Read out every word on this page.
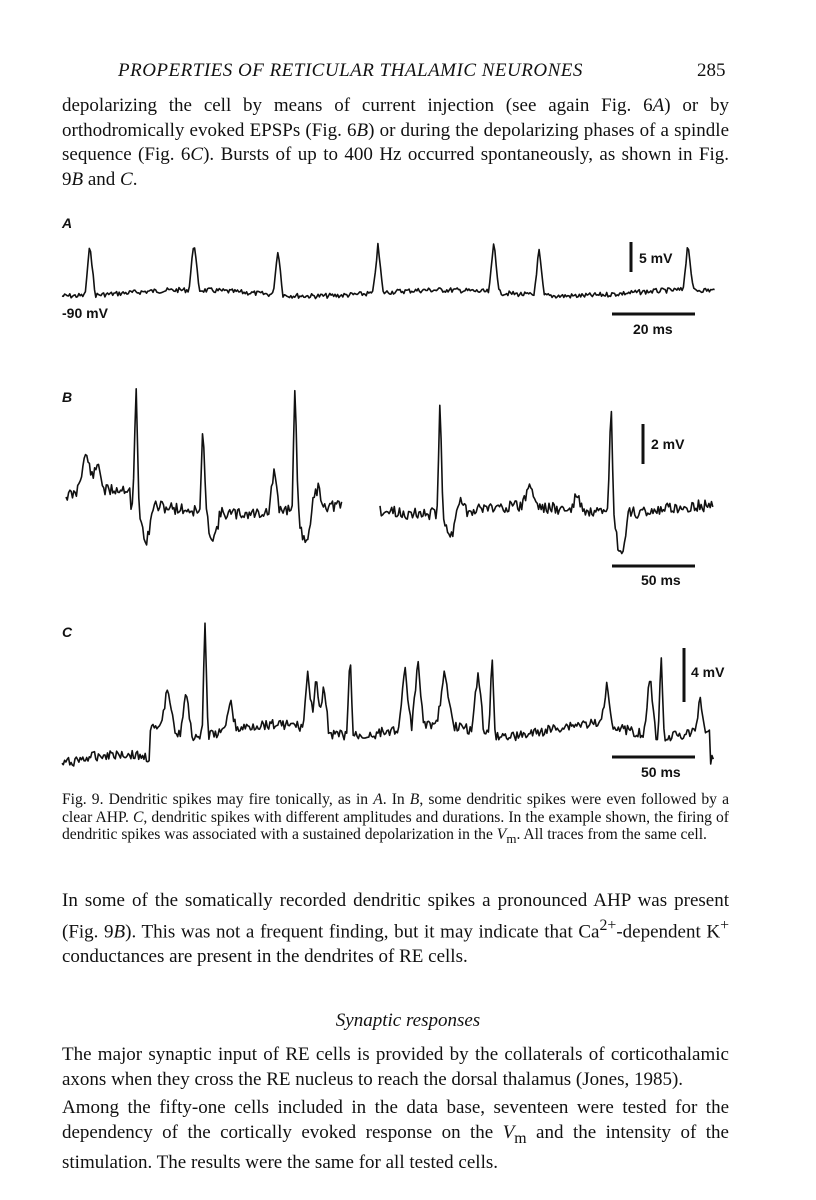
PROPERTIES OF RETICULAR THALAMIC NEURONES	285

depolarizing the cell by means of current injection (see again Fig. 6A) or by orthodromically evoked EPSPs (Fig. 6B) or during the depolarizing phases of a spindle sequence (Fig. 6C). Bursts of up to 400 Hz occurred spontaneously, as shown in Fig. 9B and C.

A
5 mV
20 ms
-90 mV
B
2 mV
50 ms
C
4 mV
50 ms

Fig. 9. Dendritic spikes may fire tonically, as in A. In B, some dendritic spikes were even followed by a clear AHP. C, dendritic spikes with different amplitudes and durations. In the example shown, the firing of dendritic spikes was associated with a sustained depolarization in the $V_m$. All traces from the same cell.

In some of the somatically recorded dendritic spikes a pronounced AHP was present (Fig. 9B). This was not a frequent finding, but it may indicate that $Ca^{2+}$-dependent K+ conductances are present in the dendrites of RE cells.

Synaptic responses

The major synaptic input of RE cells is provided by the collaterals of corticothalamic axons when they cross the RE nucleus to reach the dorsal thalamus (Jones, 1985).

Among the fifty-one cells included in the data base, seventeen were tested for the dependency of the cortically evoked response on the $V_m$ and the intensity of the stimulation. The results were the same for all tested cells.
